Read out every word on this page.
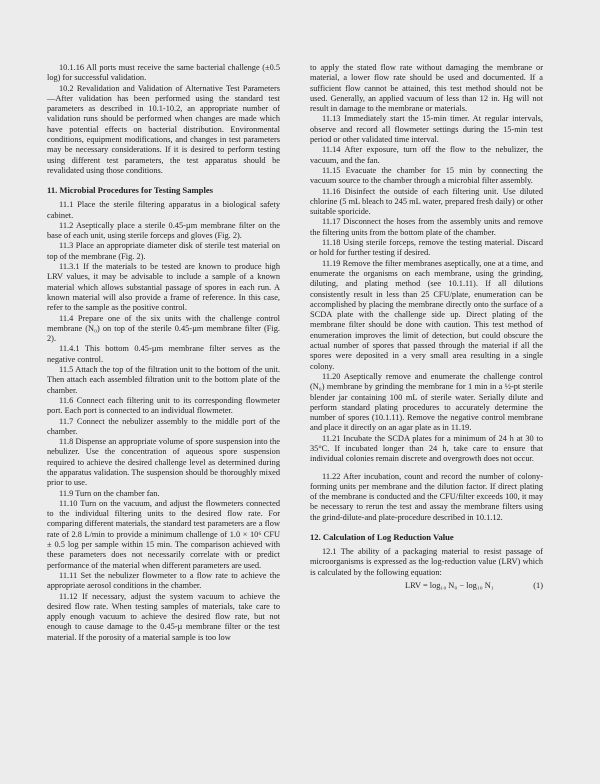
10.1.16 All ports must receive the same bacterial challenge (±0.5 log) for successful validation.

10.2 Revalidation and Validation of Alternative Test Parameters—After validation has been performed using the standard test parameters as described in 10.1-10.2, an appropriate number of validation runs should be performed when changes are made which have potential effects on bacterial distribution. Environmental conditions, equipment modifications, and changes in test parameters may be necessary considerations. If it is desired to perform testing using different test parameters, the test apparatus should be revalidated using those conditions.

11. Microbial Procedures for Testing Samples

11.1 Place the sterile filtering apparatus in a biological safety cabinet.

11.2 Aseptically place a sterile 0.45-µm membrane filter on the base of each unit, using sterile forceps and gloves (Fig. 2).

11.3 Place an appropriate diameter disk of sterile test material on top of the membrane (Fig. 2).

11.3.1 If the materials to be tested are known to produce high LRV values, it may be advisable to include a sample of a known material which allows substantial passage of spores in each run. A known material will also provide a frame of reference. In this case, refer to the sample as the positive control.

11.4 Prepare one of the six units with the challenge control membrane (N₀) on top of the sterile 0.45-µm membrane filter (Fig. 2).

11.4.1 This bottom 0.45-µm membrane filter serves as the negative control.

11.5 Attach the top of the filtration unit to the bottom of the unit. Then attach each assembled filtration unit to the bottom plate of the chamber.

11.6 Connect each filtering unit to its corresponding flowmeter port. Each port is connected to an individual flowmeter.

11.7 Connect the nebulizer assembly to the middle port of the chamber.

11.8 Dispense an appropriate volume of spore suspension into the nebulizer. Use the concentration of aqueous spore suspension required to achieve the desired challenge level as determined during the apparatus validation. The suspension should be thoroughly mixed prior to use.

11.9 Turn on the chamber fan.

11.10 Turn on the vacuum, and adjust the flowmeters connected to the individual filtering units to the desired flow rate. For comparing different materials, the standard test parameters are a flow rate of 2.8 L/min to provide a minimum challenge of 1.0 × 10⁶ CFU ± 0.5 log per sample within 15 min. The comparison achieved with these parameters does not necessarily correlate with or predict performance of the material when different parameters are used.

11.11 Set the nebulizer flowmeter to a flow rate to achieve the appropriate aerosol conditions in the chamber.

11.12 If necessary, adjust the system vacuum to achieve the desired flow rate. When testing samples of materials, take care to apply enough vacuum to achieve the desired flow rate, but not enough to cause damage to the 0.45-µ membrane filter or the test material. If the porosity of a material sample is too low

to apply the stated flow rate without damaging the membrane or material, a lower flow rate should be used and documented. If a sufficient flow cannot be attained, this test method should not be used. Generally, an applied vacuum of less than 12 in. Hg will not result in damage to the membrane or materials.

11.13 Immediately start the 15-min timer. At regular intervals, observe and record all flowmeter settings during the 15-min test period or other validated time interval.

11.14 After exposure, turn off the flow to the nebulizer, the vacuum, and the fan.

11.15 Evacuate the chamber for 15 min by connecting the vacuum source to the chamber through a microbial filter assembly.

11.16 Disinfect the outside of each filtering unit. Use diluted chlorine (5 mL bleach to 245 mL water, prepared fresh daily) or other suitable sporicide.

11.17 Disconnect the hoses from the assembly units and remove the filtering units from the bottom plate of the chamber.

11.18 Using sterile forceps, remove the testing material. Discard or hold for further testing if desired.

11.19 Remove the filter membranes aseptically, one at a time, and enumerate the organisms on each membrane, using the grinding, diluting, and plating method (see 10.1.11). If all dilutions consistently result in less than 25 CFU/plate, enumeration can be accomplished by placing the membrane directly onto the surface of a SCDA plate with the challenge side up. Direct plating of the membrane filter should be done with caution. This test method of enumeration improves the limit of detection, but could obscure the actual number of spores that passed through the material if all the spores were deposited in a very small area resulting in a single colony.

11.20 Aseptically remove and enumerate the challenge control (N₀) membrane by grinding the membrane for 1 min in a ½-pt sterile blender jar containing 100 mL of sterile water. Serially dilute and perform standard plating procedures to accurately determine the number of spores (10.1.11). Remove the negative control membrane and place it directly on an agar plate as in 11.19.

11.21 Incubate the SCDA plates for a minimum of 24 h at 30 to 35°C. If incubated longer than 24 h, take care to ensure that individual colonies remain discrete and overgrowth does not occur.

11.22 After incubation, count and record the number of colony-forming units per membrane and the dilution factor. If direct plating of the membrane is conducted and the CFU/filter exceeds 100, it may be necessary to rerun the test and assay the membrane filters using the grind-dilute-and plate-procedure described in 10.1.12.

12. Calculation of Log Reduction Value

12.1 The ability of a packaging material to resist passage of microorganisms is expressed as the log-reduction value (LRV) which is calculated by the following equation:

LRV = log₁₀ N₀ − log₁₀ N₁	(1)
